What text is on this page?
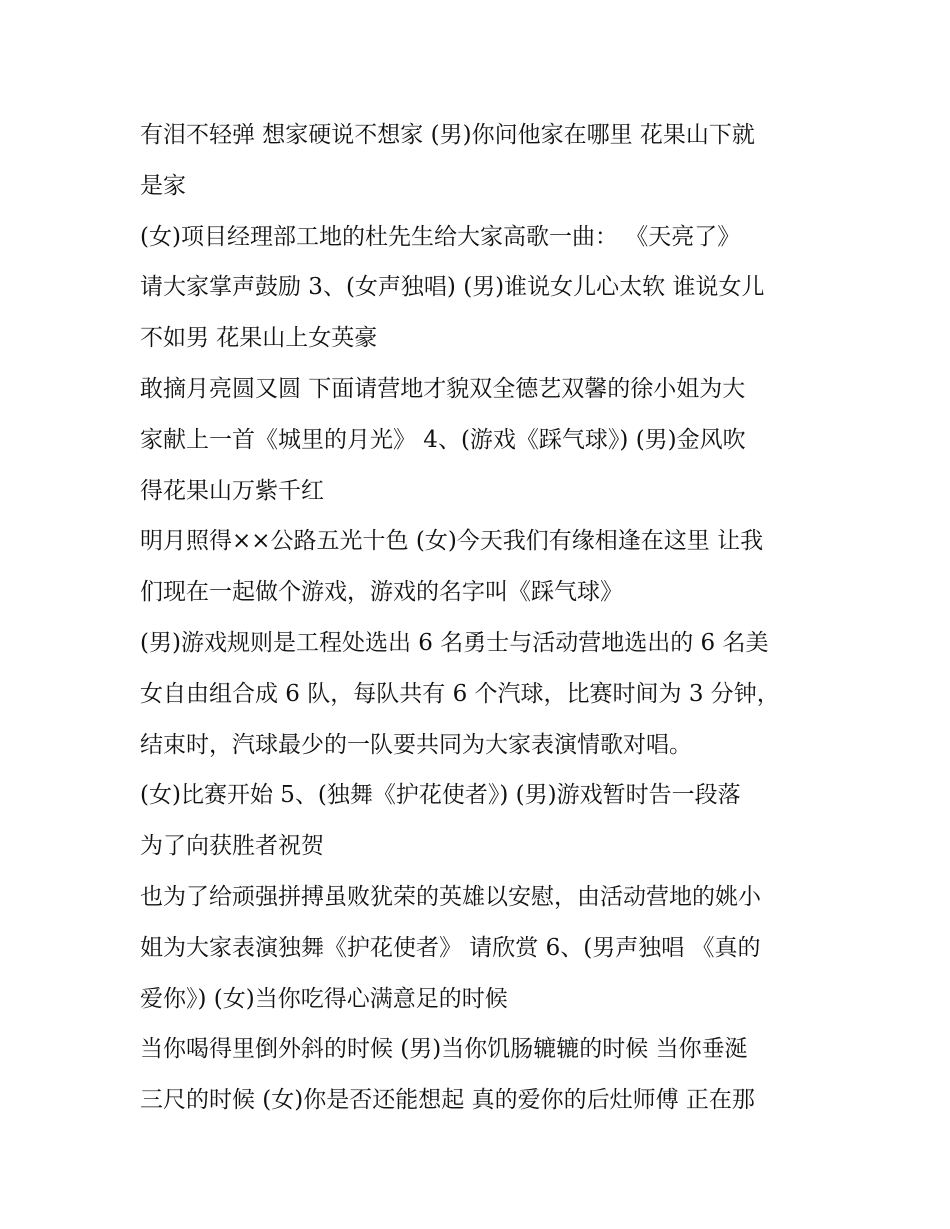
有泪不轻弹 想家硬说不想家 (男)你问他家在哪里 花果山下就
是家
(女)项目经理部工地的杜先生给大家高歌一曲： 《天亮了》
请大家掌声鼓励 3、(女声独唱) (男)谁说女儿心太软 谁说女儿
不如男 花果山上女英豪
敢摘月亮圆又圆 下面请营地才貌双全德艺双馨的徐小姐为大
家献上一首《城里的月光》 4、(游戏《踩气球》) (男)金风吹
得花果山万紫千红
明月照得××公路五光十色 (女)今天我们有缘相逢在这里 让我
们现在一起做个游戏，游戏的名字叫《踩气球》
(男)游戏规则是工程处选出 6 名勇士与活动营地选出的 6 名美
女自由组合成 6 队，每队共有 6 个汽球，比赛时间为 3 分钟，
结束时，汽球最少的一队要共同为大家表演情歌对唱。
(女)比赛开始 5、(独舞《护花使者》) (男)游戏暂时告一段落
为了向获胜者祝贺
也为了给顽强拼搏虽败犹荣的英雄以安慰，由活动营地的姚小
姐为大家表演独舞《护花使者》 请欣赏 6、(男声独唱 《真的
爱你》) (女)当你吃得心满意足的时候
当你喝得里倒外斜的时候 (男)当你饥肠辘辘的时候 当你垂涎
三尺的时候 (女)你是否还能想起 真的爱你的后灶师傅 正在那
